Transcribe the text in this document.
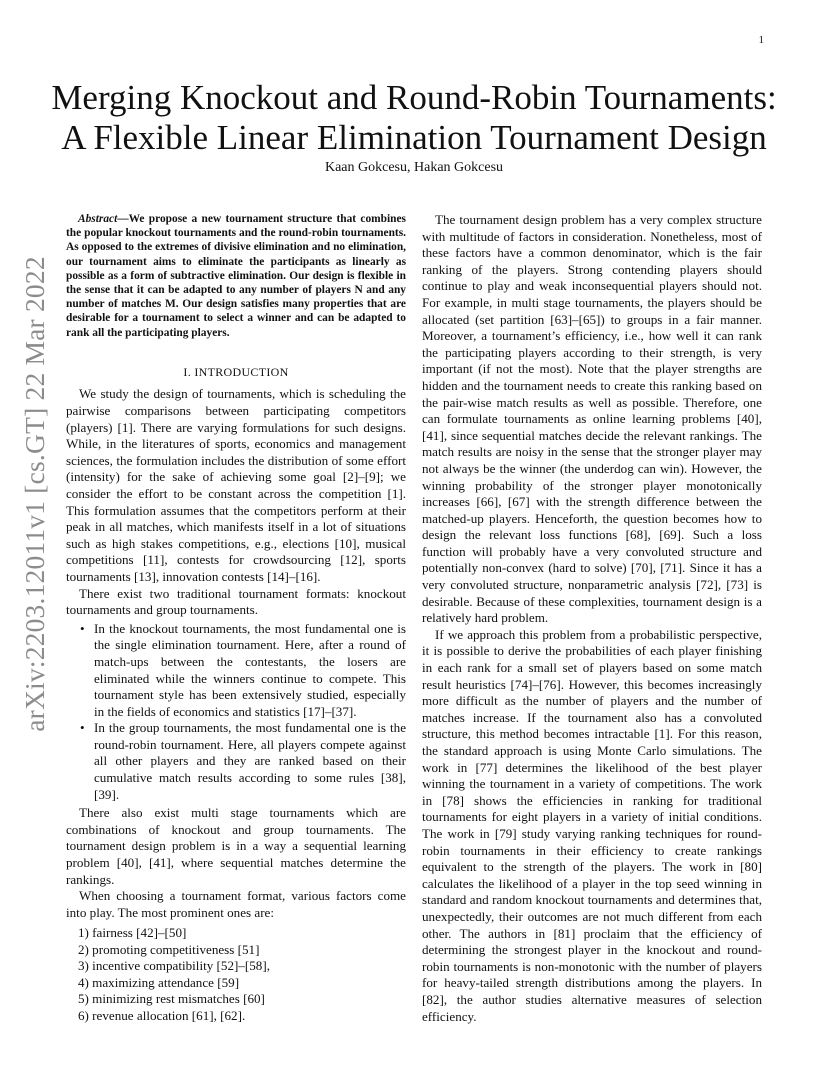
1
arXiv:2203.12011v1 [cs.GT] 22 Mar 2022
Merging Knockout and Round-Robin Tournaments:
A Flexible Linear Elimination Tournament Design
Kaan Gokcesu, Hakan Gokcesu

Abstract—We propose a new tournament structure that combines the popular knockout tournaments and the round-robin tournaments. As opposed to the extremes of divisive elimination and no elimination, our tournament aims to eliminate the participants as linearly as possible as a form of subtractive elimination. Our design is flexible in the sense that it can be adapted to any number of players N and any number of matches M. Our design satisfies many properties that are desirable for a tournament to select a winner and can be adapted to rank all the participating players.

I. INTRODUCTION

We study the design of tournaments, which is scheduling the pairwise comparisons between participating competitors (players) [1]. There are varying formulations for such designs. While, in the literatures of sports, economics and management sciences, the formulation includes the distribution of some effort (intensity) for the sake of achieving some goal [2]–[9]; we consider the effort to be constant across the competition [1]. This formulation assumes that the competitors perform at their peak in all matches, which manifests itself in a lot of situations such as high stakes competitions, e.g., elections [10], musical competitions [11], contests for crowdsourcing [12], sports tournaments [13], innovation contests [14]–[16].

There exist two traditional tournament formats: knockout tournaments and group tournaments.

• In the knockout tournaments, the most fundamental one is the single elimination tournament. Here, after a round of match-ups between the contestants, the losers are eliminated while the winners continue to compete. This tournament style has been extensively studied, especially in the fields of economics and statistics [17]–[37].
• In the group tournaments, the most fundamental one is the round-robin tournament. Here, all players compete against all other players and they are ranked based on their cumulative match results according to some rules [38], [39].

There also exist multi stage tournaments which are combinations of knockout and group tournaments. The tournament design problem is in a way a sequential learning problem [40], [41], where sequential matches determine the rankings.

When choosing a tournament format, various factors come into play. The most prominent ones are:

1) fairness [42]–[50]
2) promoting competitiveness [51]
3) incentive compatibility [52]–[58],
4) maximizing attendance [59]
5) minimizing rest mismatches [60]
6) revenue allocation [61], [62].

The tournament design problem has a very complex structure with multitude of factors in consideration. Nonetheless, most of these factors have a common denominator, which is the fair ranking of the players. Strong contending players should continue to play and weak inconsequential players should not. For example, in multi stage tournaments, the players should be allocated (set partition [63]–[65]) to groups in a fair manner. Moreover, a tournament’s efficiency, i.e., how well it can rank the participating players according to their strength, is very important (if not the most). Note that the player strengths are hidden and the tournament needs to create this ranking based on the pair-wise match results as well as possible. Therefore, one can formulate tournaments as online learning problems [40], [41], since sequential matches decide the relevant rankings. The match results are noisy in the sense that the stronger player may not always be the winner (the underdog can win). However, the winning probability of the stronger player monotonically increases [66], [67] with the strength difference between the matched-up players. Henceforth, the question becomes how to design the relevant loss functions [68], [69]. Such a loss function will probably have a very convoluted structure and potentially non-convex (hard to solve) [70], [71]. Since it has a very convoluted structure, nonparametric analysis [72], [73] is desirable. Because of these complexities, tournament design is a relatively hard problem.

If we approach this problem from a probabilistic perspective, it is possible to derive the probabilities of each player finishing in each rank for a small set of players based on some match result heuristics [74]–[76]. However, this becomes increasingly more difficult as the number of players and the number of matches increase. If the tournament also has a convoluted structure, this method becomes intractable [1]. For this reason, the standard approach is using Monte Carlo simulations. The work in [77] determines the likelihood of the best player winning the tournament in a variety of competitions. The work in [78] shows the efficiencies in ranking for traditional tournaments for eight players in a variety of initial conditions. The work in [79] study varying ranking techniques for round-robin tournaments in their efficiency to create rankings equivalent to the strength of the players. The work in [80] calculates the likelihood of a player in the top seed winning in standard and random knockout tournaments and determines that, unexpectedly, their outcomes are not much different from each other. The authors in [81] proclaim that the efficiency of determining the strongest player in the knockout and round-robin tournaments is non-monotonic with the number of players for heavy-tailed strength distributions among the players. In [82], the author studies alternative measures of selection efficiency.
